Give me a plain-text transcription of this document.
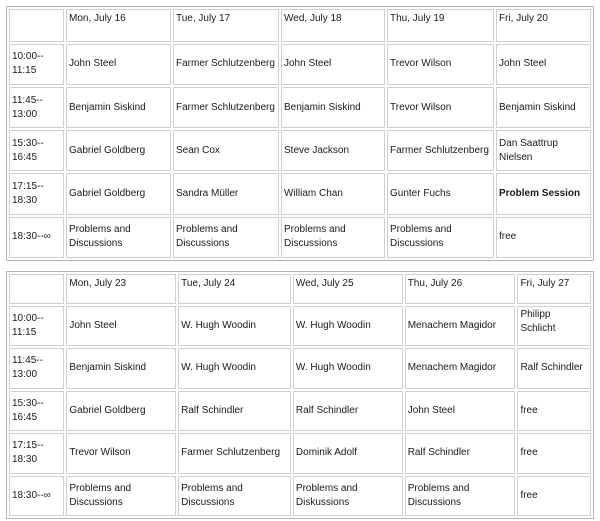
	Mon, July 16	Tue, July 17	Wed, July 18	Thu, July 19	Fri, July 20
10:00--
11:15	John Steel	Farmer Schlutzenberg	John Steel	Trevor Wilson	John Steel
11:45--
13:00	Benjamin Siskind	Farmer Schlutzenberg	Benjamin Siskind	Trevor Wilson	Benjamin Siskind
15:30--
16:45	Gabriel Goldberg	Sean Cox	Steve Jackson	Farmer Schlutzenberg	Dan Saattrup Nielsen
17:15--
18:30	Gabriel Goldberg	Sandra Müller	William Chan	Gunter Fuchs	Problem Session
18:30--∞	Problems and Discussions	Problems and Discussions	Problems and Discussions	Problems and Discussions	free
	Mon, July 23	Tue, July 24	Wed, July 25	Thu, July 26	Fri, July 27
10:00--
11:15	John Steel	W. Hugh Woodin	W. Hugh Woodin	Menachem Magidor	Philipp Schlicht
11:45--
13:00	Benjamin Siskind	W. Hugh Woodin	W. Hugh Woodin	Menachem Magidor	Ralf Schindler
15:30--
16:45	Gabriel Goldberg	Ralf Schindler	Ralf Schindler	John Steel	free
17:15--
18:30	Trevor Wilson	Farmer Schlutzenberg	Dominik Adolf	Ralf Schindler	free
18:30--∞	Problems and Discussions	Problems and Discussions	Problems and Diskussions	Problems and Discussions	free
